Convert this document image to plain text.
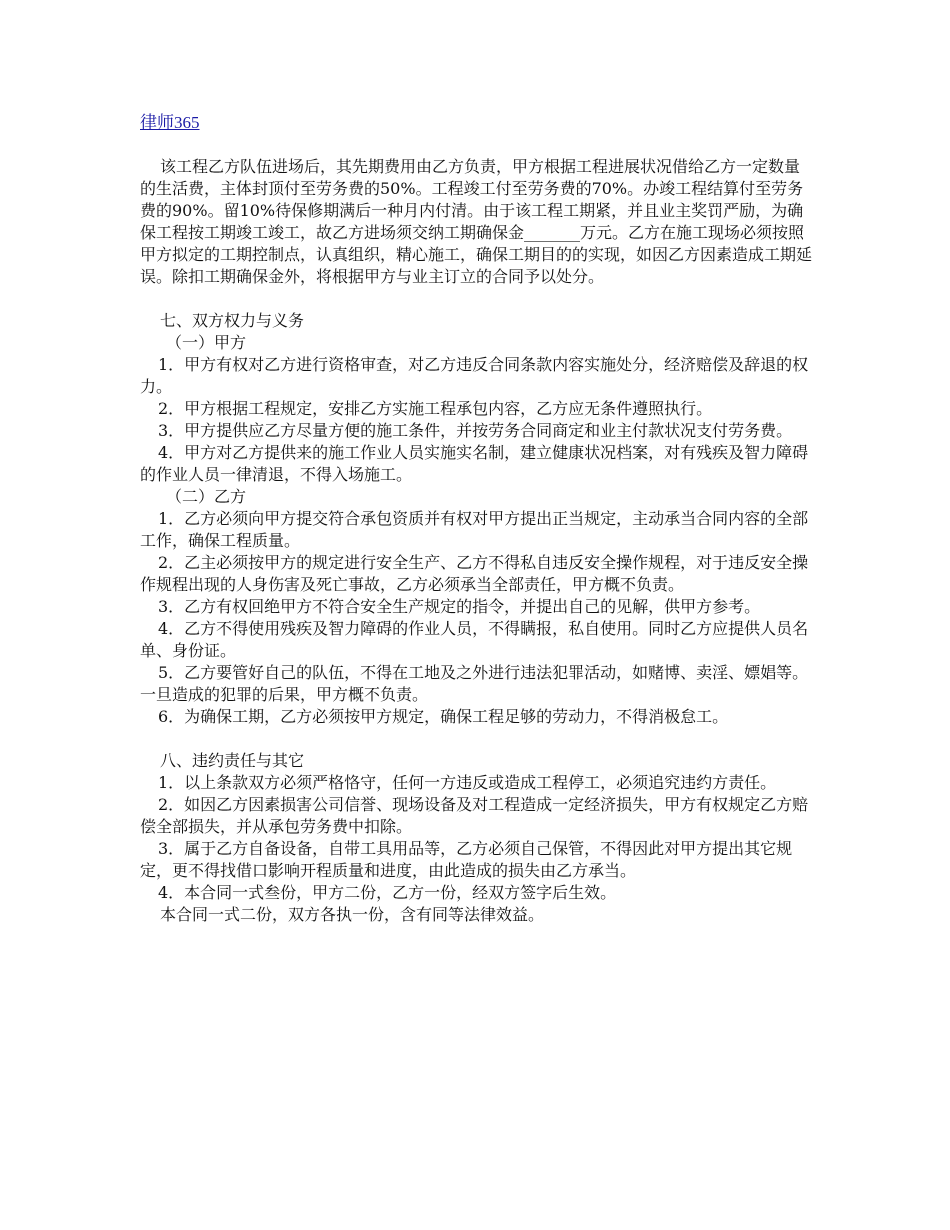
律师365

该工程乙方队伍进场后，其先期费用由乙方负责，甲方根据工程进展状况借给乙方一定数量的生活费，主体封顶付至劳务费的50%。工程竣工付至劳务费的70%。办竣工程结算付至劳务费的90%。留10%待保修期满后一种月内付清。由于该工程工期紧，并且业主奖罚严励，为确保工程按工期竣工竣工，故乙方进场须交纳工期确保金_______万元。乙方在施工现场必须按照甲方拟定的工期控制点，认真组织，精心施工，确保工期目的的实现，如因乙方因素造成工期延误。除扣工期确保金外，将根据甲方与业主订立的合同予以处分。

七、双方权力与义务

（一）甲方

1．甲方有权对乙方进行资格审查，对乙方违反合同条款内容实施处分，经济赔偿及辞退的权力。

2．甲方根据工程规定，安排乙方实施工程承包内容，乙方应无条件遵照执行。

3．甲方提供应乙方尽量方便的施工条件，并按劳务合同商定和业主付款状况支付劳务费。

4．甲方对乙方提供来的施工作业人员实施实名制，建立健康状况档案，对有残疾及智力障碍的作业人员一律清退，不得入场施工。

（二）乙方

1．乙方必须向甲方提交符合承包资质并有权对甲方提出正当规定，主动承当合同内容的全部工作，确保工程质量。

2．乙主必须按甲方的规定进行安全生产、乙方不得私自违反安全操作规程，对于违反安全操作规程出现的人身伤害及死亡事故，乙方必须承当全部责任，甲方概不负责。

3．乙方有权回绝甲方不符合安全生产规定的指令，并提出自己的见解，供甲方参考。

4．乙方不得使用残疾及智力障碍的作业人员，不得瞒报，私自使用。同时乙方应提供人员名单、身份证。

5．乙方要管好自己的队伍，不得在工地及之外进行违法犯罪活动，如赌博、卖淫、嫖娼等。一旦造成的犯罪的后果，甲方概不负责。

6．为确保工期，乙方必须按甲方规定，确保工程足够的劳动力，不得消极怠工。

八、违约责任与其它

1．以上条款双方必须严格恪守，任何一方违反或造成工程停工，必须追究违约方责任。

2．如因乙方因素损害公司信誉、现场设备及对工程造成一定经济损失，甲方有权规定乙方赔偿全部损失，并从承包劳务费中扣除。

3．属于乙方自备设备，自带工具用品等，乙方必须自己保管，不得因此对甲方提出其它规定，更不得找借口影响开程质量和进度，由此造成的损失由乙方承当。

4．本合同一式叁份，甲方二份，乙方一份，经双方签字后生效。

本合同一式二份，双方各执一份，含有同等法律效益。
